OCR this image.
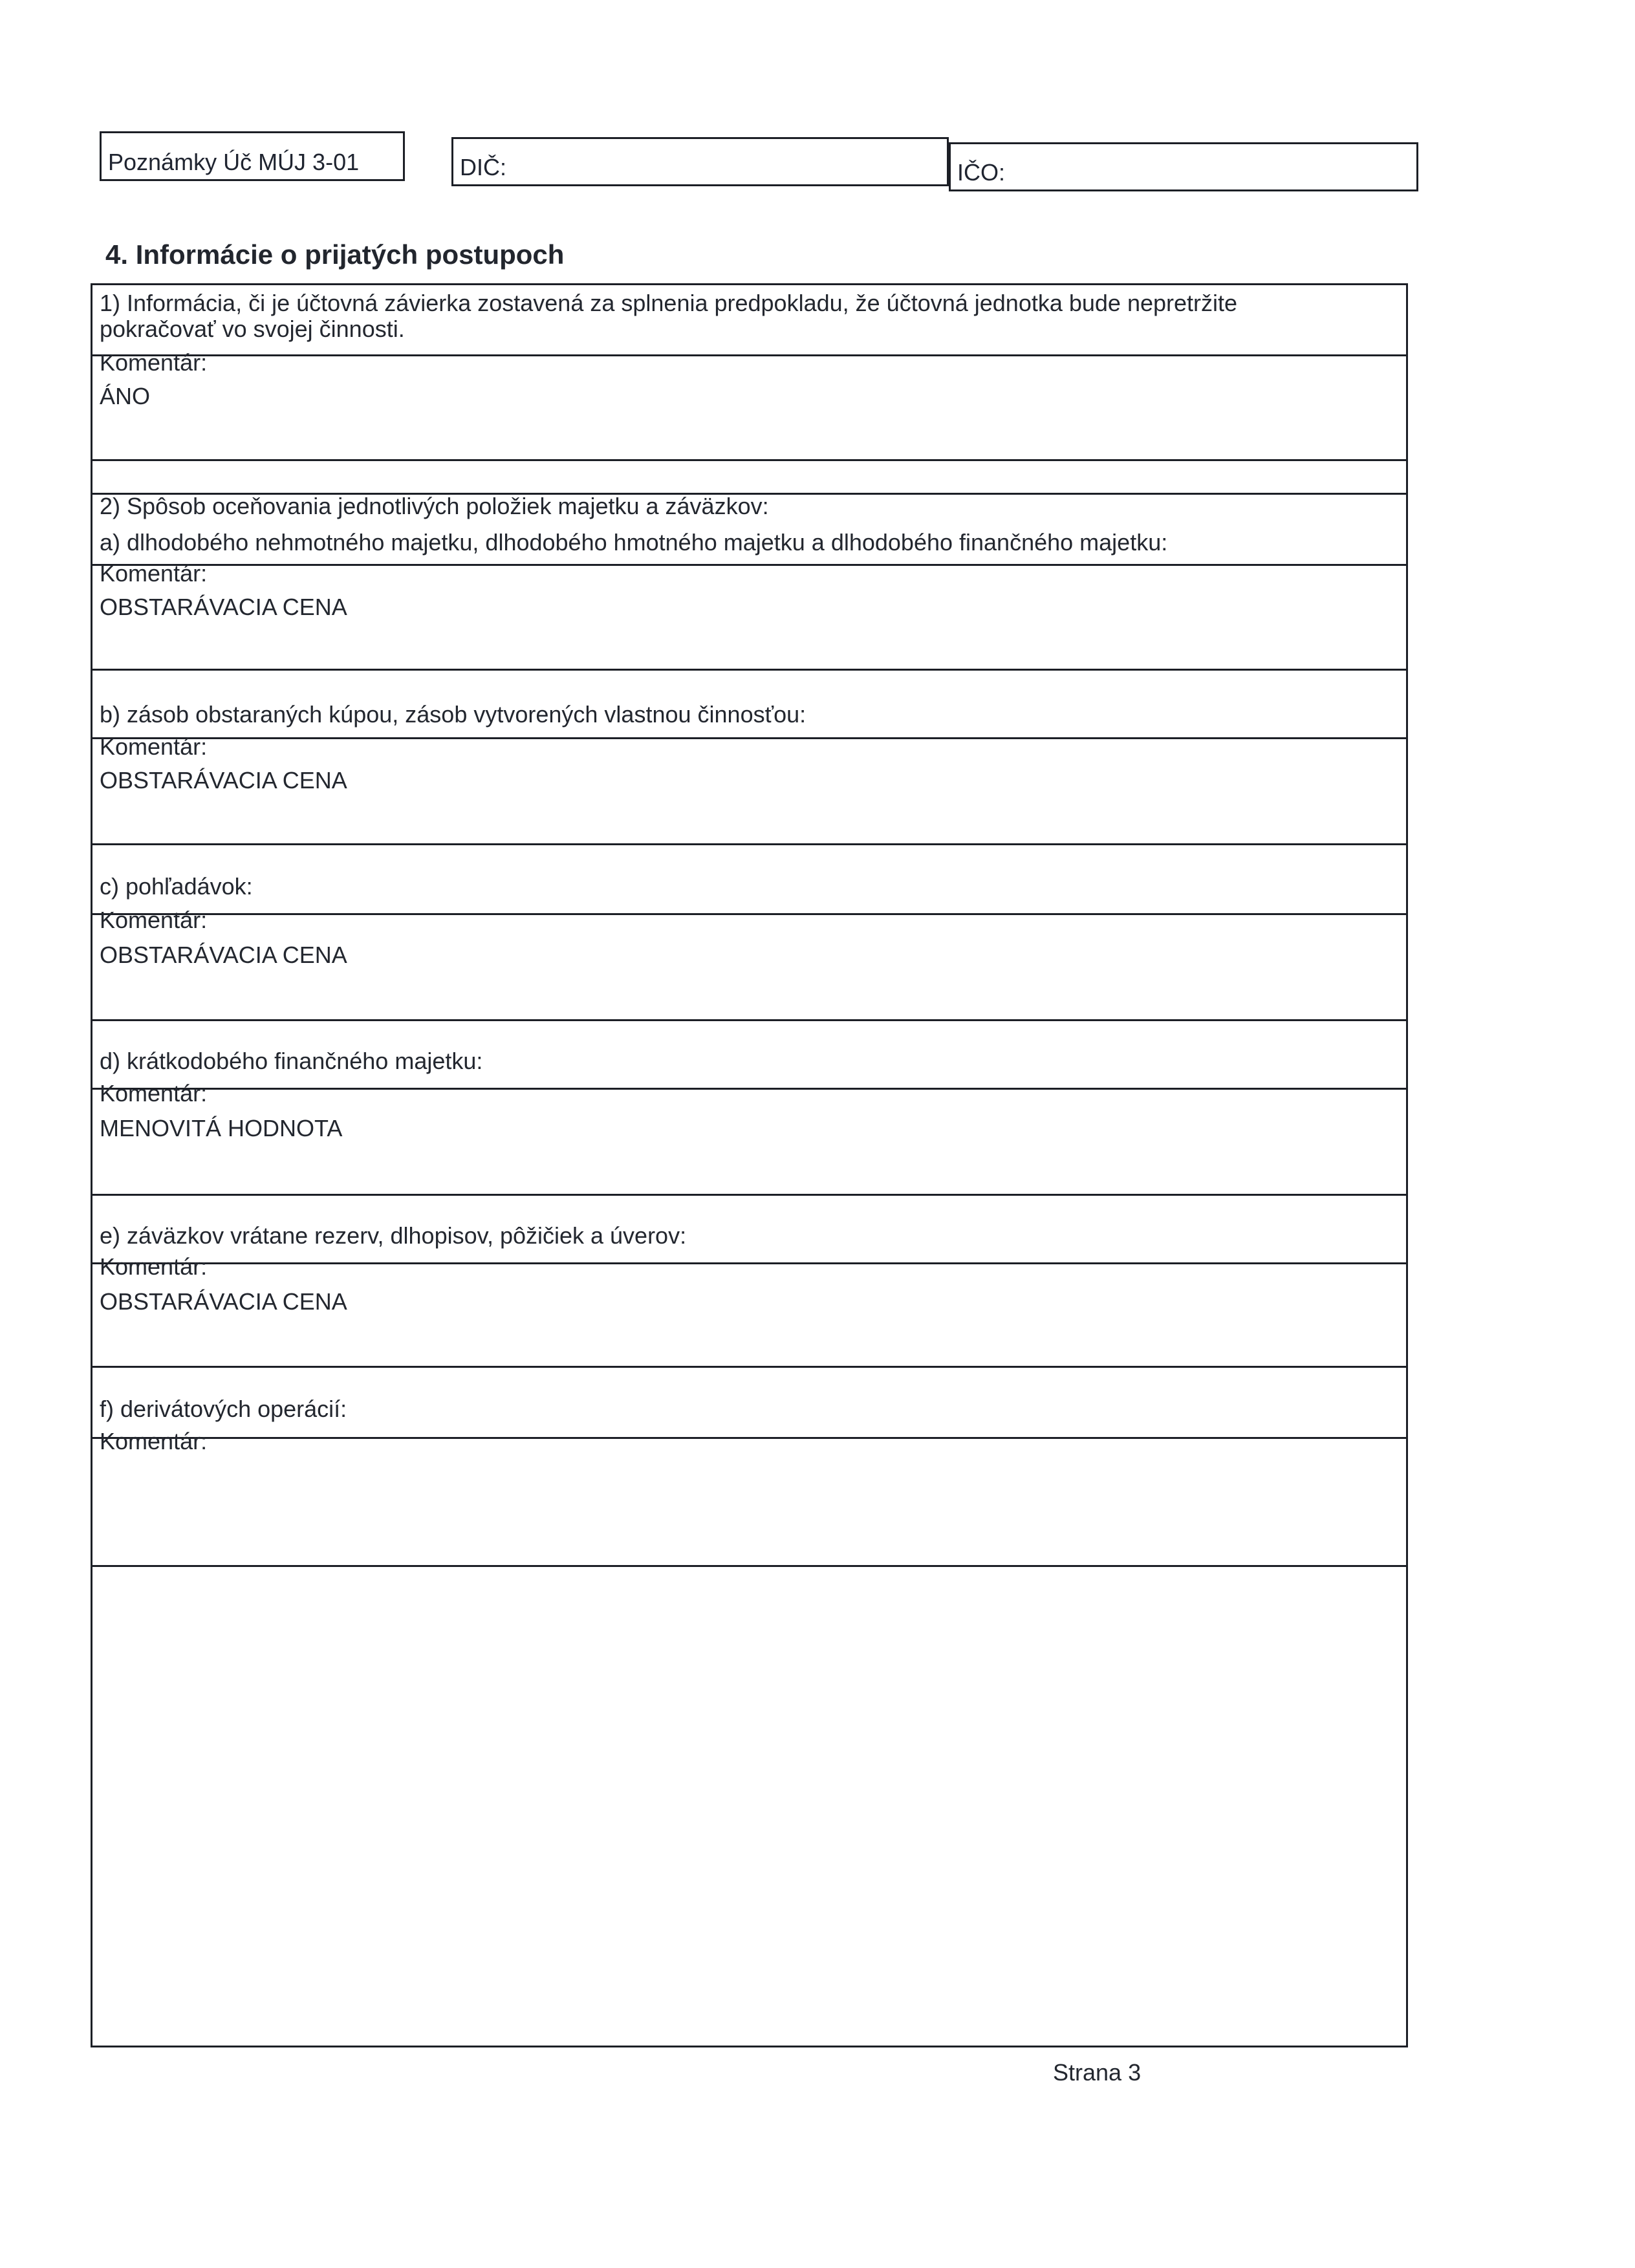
Poznámky Úč MÚJ 3-01	DIČ:	IČO:
4. Informácie o prijatých postupoch
1) Informácia, či je účtovná závierka zostavená za splnenia predpokladu, že účtovná jednotka bude nepretržite
pokračovať vo svojej činnosti.
Komentár:
ÁNO
2) Spôsob oceňovania jednotlivých položiek majetku a záväzkov:
a) dlhodobého nehmotného majetku, dlhodobého hmotného majetku a dlhodobého finančného majetku:
Komentár:
OBSTARÁVACIA CENA
b) zásob obstaraných kúpou, zásob vytvorených vlastnou činnosťou:
Komentár:
OBSTARÁVACIA CENA
c) pohľadávok:
Komentár:
OBSTARÁVACIA CENA
d) krátkodobého finančného majetku:
Komentár:
MENOVITÁ HODNOTA
e) záväzkov vrátane rezerv, dlhopisov, pôžičiek a úverov:
Komentár:
OBSTARÁVACIA CENA
f) derivátových operácií:
Komentár:
Strana 3
